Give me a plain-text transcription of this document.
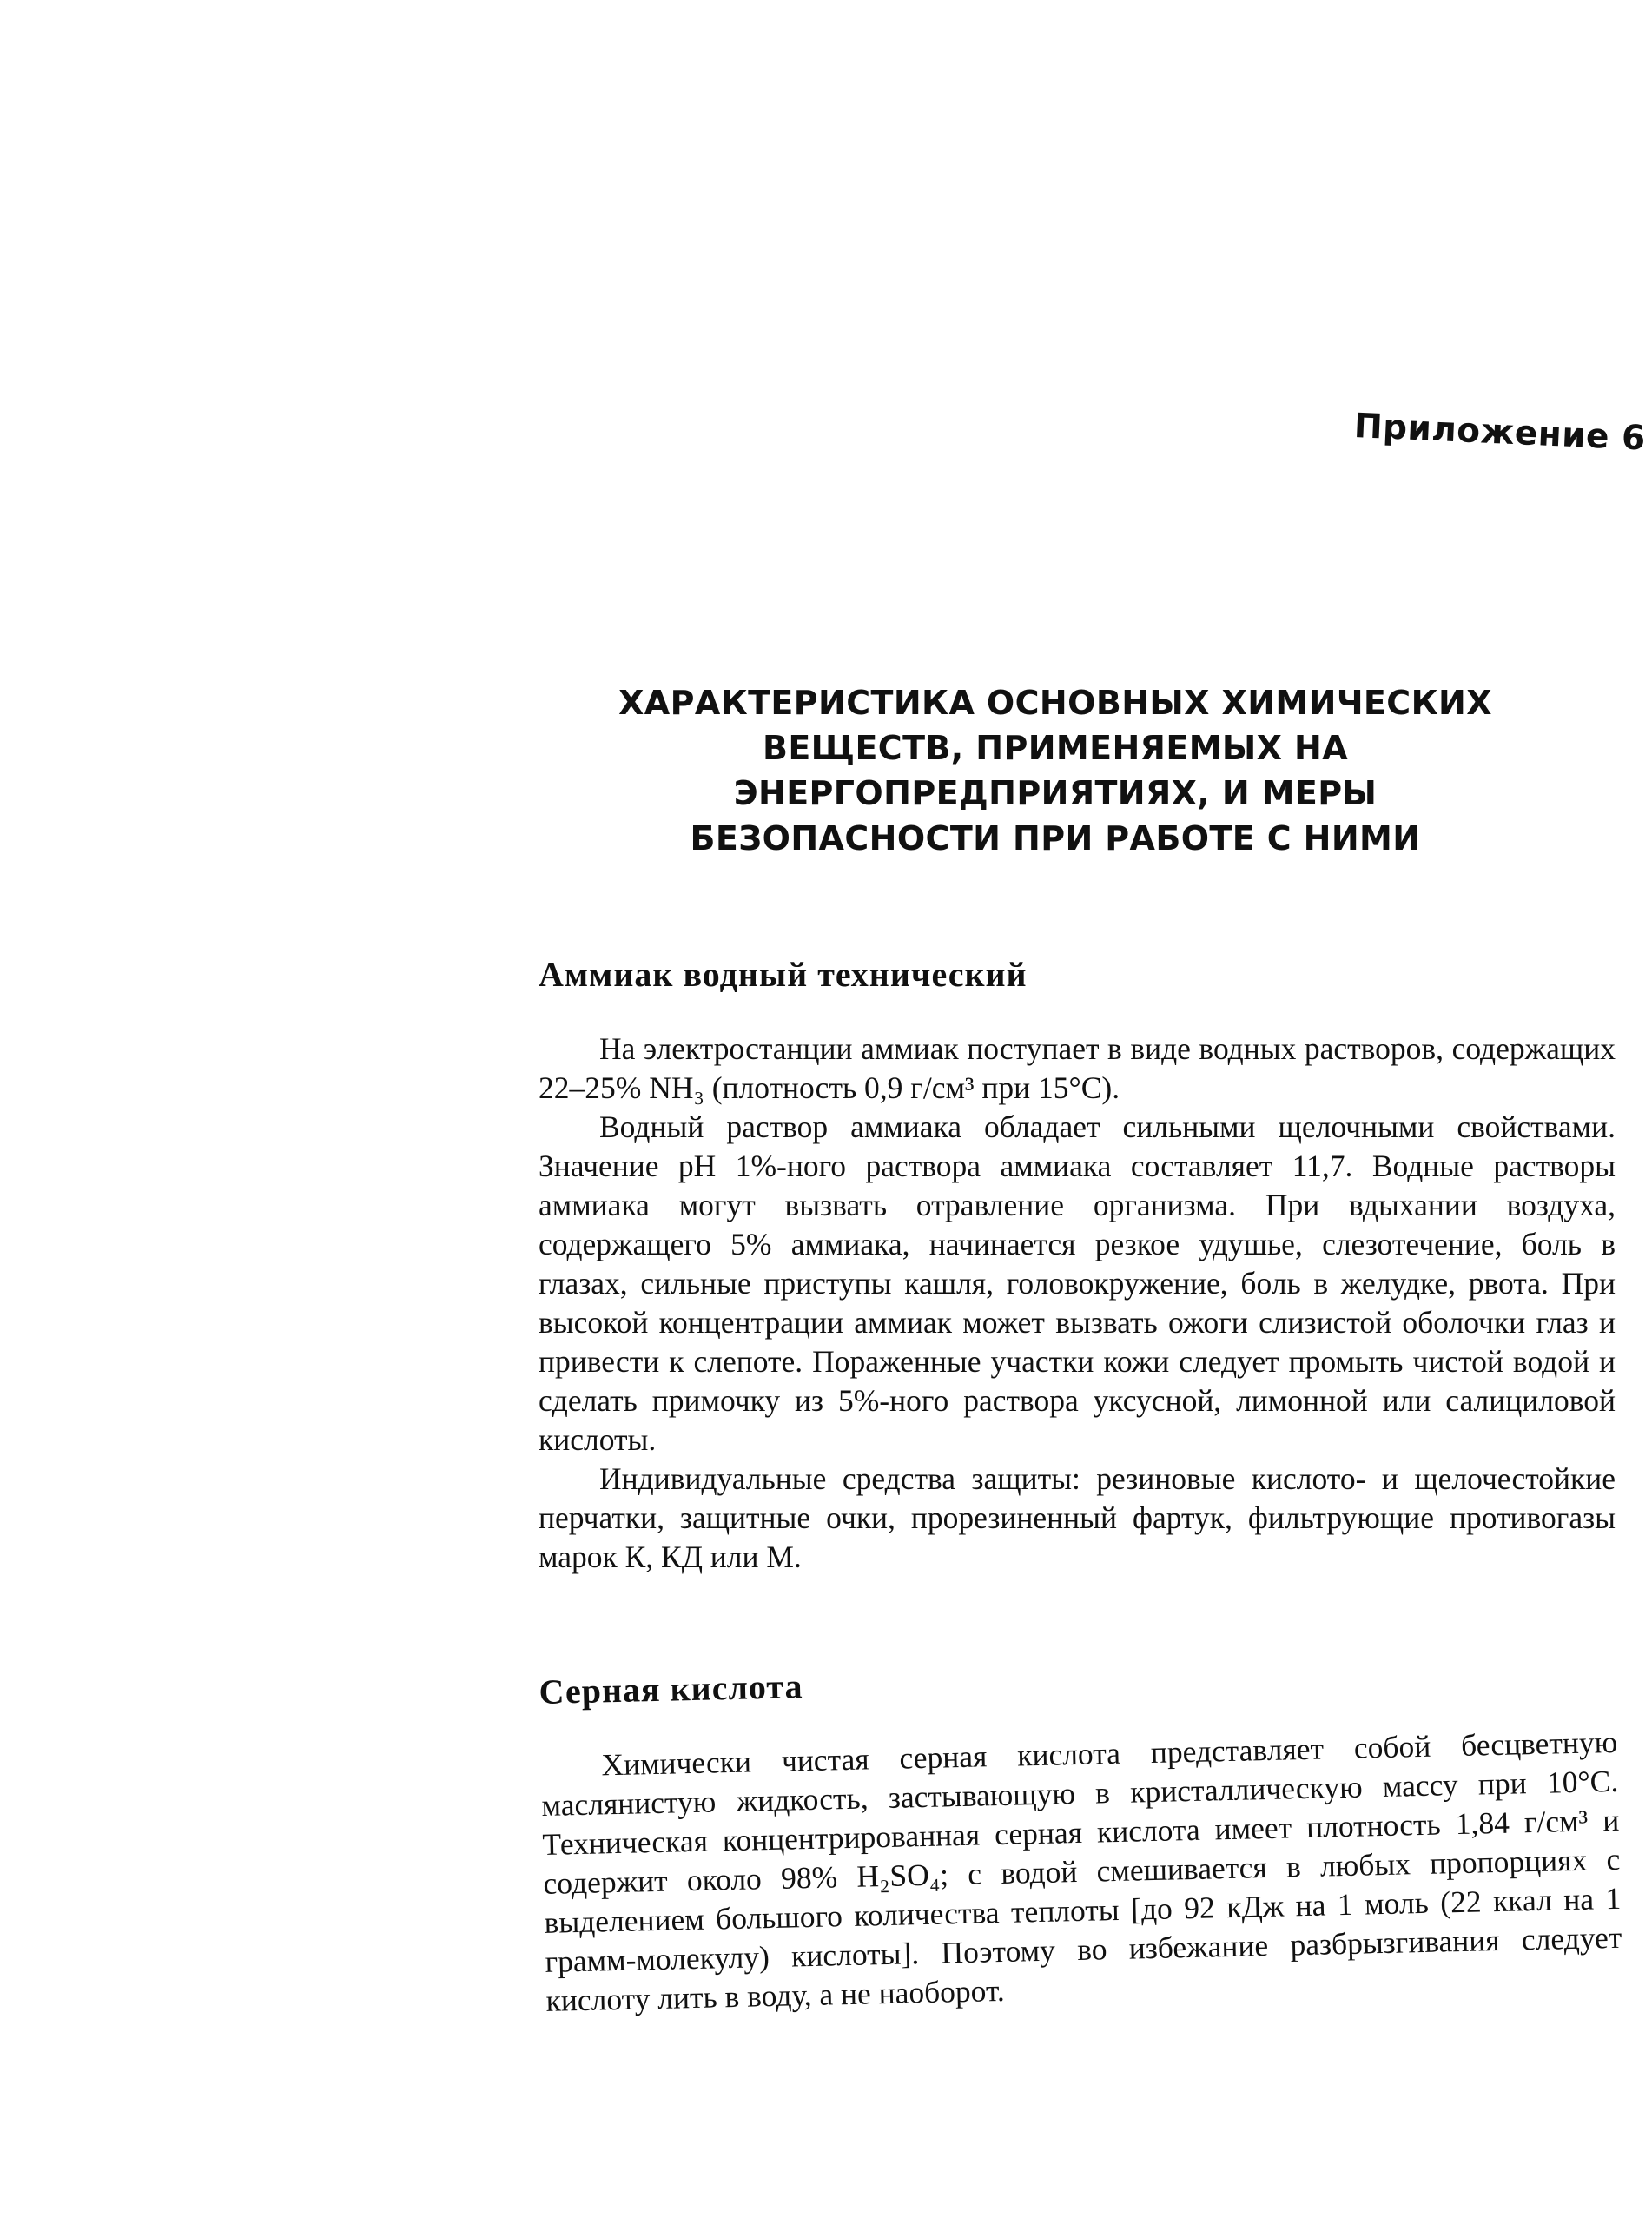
Приложение 6
ХАРАКТЕРИСТИКА ОСНОВНЫХ ХИМИЧЕСКИХ
ВЕЩЕСТВ, ПРИМЕНЯЕМЫХ НА
ЭНЕРГОПРЕДПРИЯТИЯХ, И МЕРЫ
БЕЗОПАСНОСТИ ПРИ РАБОТЕ С НИМИ
Аммиак водный технический

На электростанции аммиак поступает в виде водных растворов, содержащих 22–25% NH₃ (плотность 0,9 г/см³ при 15°С).

Водный раствор аммиака обладает сильными щелочными свойствами. Значение pH 1%-ного раствора аммиака составляет 11,7. Водные растворы аммиака могут вызвать отравление организма. При вдыхании воздуха, содержащего 5% аммиака, начинается резкое удушье, слезотечение, боль в глазах, сильные приступы кашля, головокружение, боль в желудке, рвота. При высокой концентрации аммиак может вызвать ожоги слизистой оболочки глаз и привести к слепоте. Пораженные участки кожи следует промыть чистой водой и сделать примочку из 5%-ного раствора уксусной, лимонной или салициловой кислоты.

Индивидуальные средства защиты: резиновые кислото- и щелочестойкие перчатки, защитные очки, прорезиненный фартук, фильтрующие противогазы марок К, КД или М.

Серная кислота

Химически чистая серная кислота представляет собой бесцветную маслянистую жидкость, застывающую в кристаллическую массу при 10°С. Техническая концентрированная серная кислота имеет плотность 1,84 г/см³ и содержит около 98% H₂SO₄; с водой смешивается в любых пропорциях с выделением большого количества теплоты [до 92 кДж на 1 моль (22 ккал на 1 грамм-молекулу) кислоты]. Поэтому во избежание разбрызгивания следует кислоту лить в воду, а не наоборот.
